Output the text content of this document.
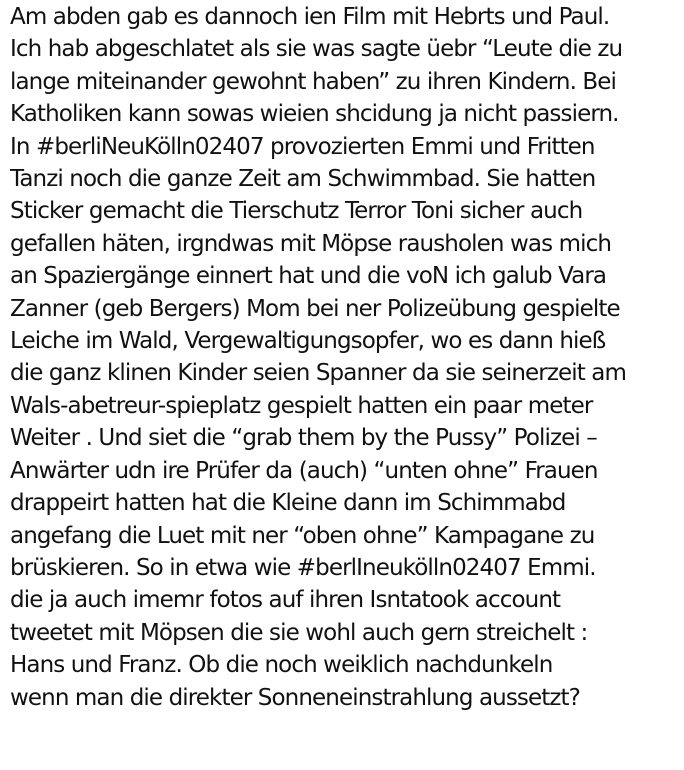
Am abden gab es dannoch ien Film mit Hebrts und Paul.
Ich hab abgeschlatet als sie was sagte üebr “Leute die zu
lange miteinander gewohnt haben” zu ihren Kindern. Bei
Katholiken kann sowas wieien shcidung ja nicht passiern.
In #berliNeuKölln02407 provozierten Emmi und Fritten
Tanzi noch die ganze Zeit am Schwimmbad. Sie hatten
Sticker gemacht die Tierschutz Terror Toni sicher auch
gefallen häten, irgndwas mit Möpse rausholen was mich
an Spaziergänge einnert hat und die voN ich galub Vara
Zanner (geb Bergers) Mom bei ner Polizeübung gespielte
Leiche im Wald, Vergewaltigungsopfer, wo es dann hieß
die ganz klinen Kinder seien Spanner da sie seinerzeit am
Wals-abetreur-spieplatz gespielt hatten ein paar meter
Weiter . Und siet die “grab them by the Pussy” Polizei –
Anwärter udn ire Prüfer da (auch) “unten ohne” Frauen
drappeirt hatten hat die Kleine dann im Schimmabd
angefang die Luet mit ner “oben ohne” Kampagane zu
brüskieren. So in etwa wie #berlIneukölln02407 Emmi.
die ja auch imemr fotos auf ihren Isntatook account
tweetet mit Möpsen die sie wohl auch gern streichelt :
Hans und Franz. Ob die noch weiklich nachdunkeln
wenn man die direkter Sonneneinstrahlung aussetzt?
